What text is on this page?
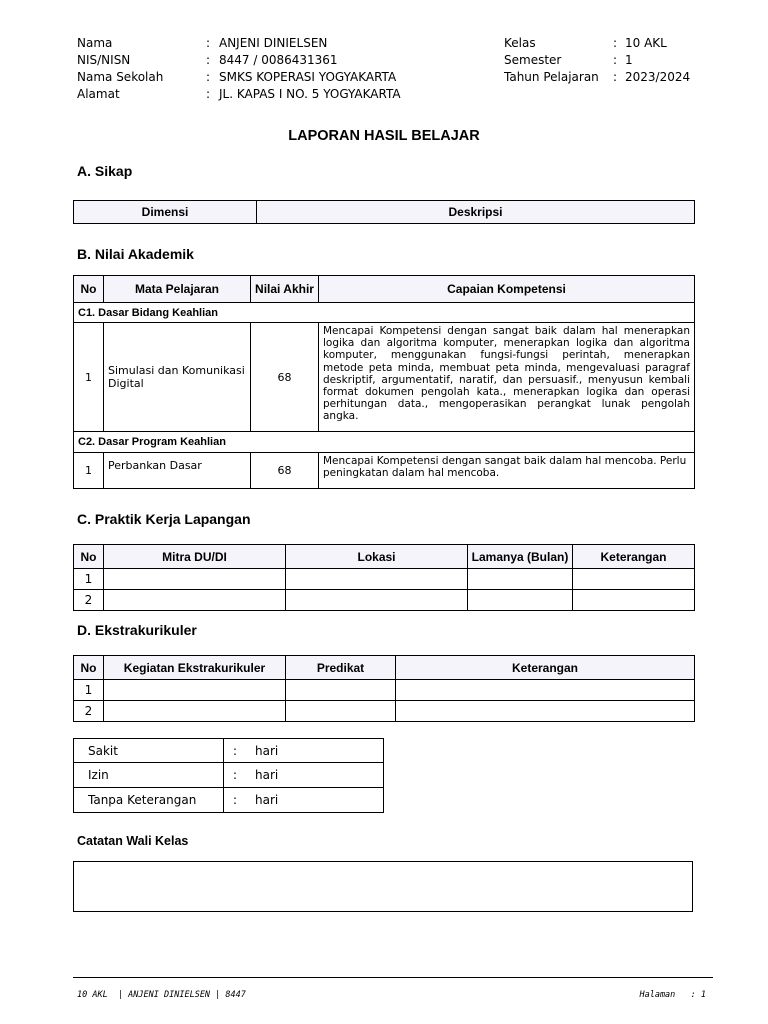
Nama	: ANJENI DINIELSEN
NIS/NISN	: 8447 / 0086431361
Nama Sekolah	: SMKS KOPERASI YOGYAKARTA
Alamat	: JL. KAPAS I NO. 5 YOGYAKARTA
Kelas	: 10 AKL
Semester	: 1
Tahun Pelajaran : 2023/2024
LAPORAN HASIL BELAJAR
A. Sikap
Dimensi	Deskripsi
B. Nilai Akademik
No	Mata Pelajaran	Nilai Akhir	Capaian Kompetensi
C1. Dasar Bidang Keahlian			
1	Simulasi dan Komunikasi Digital	68	Mencapai Kompetensi dengan sangat baik dalam hal menerapkan logika dan algoritma komputer, menerapkan logika dan algoritma komputer, menggunakan fungsi-fungsi perintah, menerapkan metode peta minda, membuat peta minda, mengevaluasi paragraf deskriptif, argumentatif, naratif, dan persuasif., menyusun kembali format dokumen pengolah kata., menerapkan logika dan operasi perhitungan data., mengoperasikan perangkat lunak pengolah angka.
C2. Dasar Program Keahlian			
1	Perbankan Dasar	68	Mencapai Kompetensi dengan sangat baik dalam hal mencoba. Perlu peningkatan dalam hal mencoba.
C. Praktik Kerja Lapangan
No	Mitra DU/DI	Lokasi	Lamanya (Bulan)	Keterangan
1				
2				
D. Ekstrakurikuler
No	Kegiatan Ekstrakurikuler	Predikat	Keterangan
1			
2			
Sakit	:	hari
Izin	:	hari
Tanpa Keterangan	:	hari
Catatan Wali Kelas
10 AKL  | ANJENI DINIELSEN | 8447	Halaman   : 1
